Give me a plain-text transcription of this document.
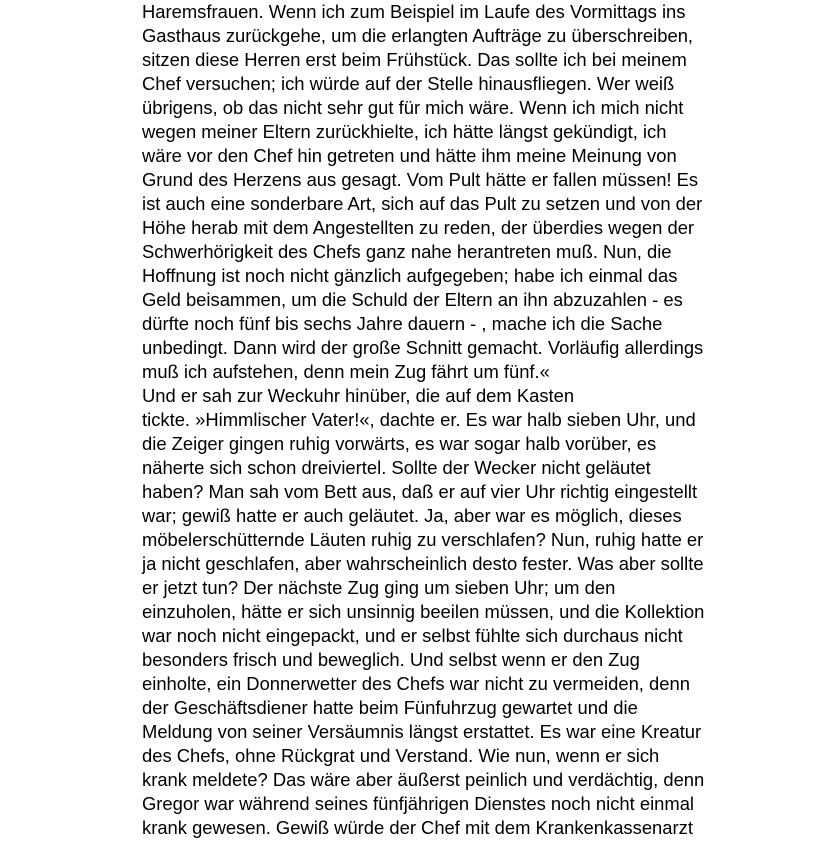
Haremsfrauen. Wenn ich zum Beispiel im Laufe des Vormittags ins
Gasthaus zurückgehe, um die erlangten Aufträge zu überschreiben,
sitzen diese Herren erst beim Frühstück. Das sollte ich bei meinem
Chef versuchen; ich würde auf der Stelle hinausfliegen. Wer weiß
übrigens, ob das nicht sehr gut für mich wäre. Wenn ich mich nicht
wegen meiner Eltern zurückhielte, ich hätte längst gekündigt, ich
wäre vor den Chef hin getreten und hätte ihm meine Meinung von
Grund des Herzens aus gesagt. Vom Pult hätte er fallen müssen! Es
ist auch eine sonderbare Art, sich auf das Pult zu setzen und von der
Höhe herab mit dem Angestellten zu reden, der überdies wegen der
Schwerhörigkeit des Chefs ganz nahe herantreten muß. Nun, die
Hoffnung ist noch nicht gänzlich aufgegeben; habe ich einmal das
Geld beisammen, um die Schuld der Eltern an ihn abzuzahlen - es
dürfte noch fünf bis sechs Jahre dauern - , mache ich die Sache
unbedingt. Dann wird der große Schnitt gemacht. Vorläufig allerdings
muß ich aufstehen, denn mein Zug fährt um fünf.«
Und er sah zur Weckuhr hinüber, die auf dem Kasten
tickte. »Himmlischer Vater!«, dachte er. Es war halb sieben Uhr, und
die Zeiger gingen ruhig vorwärts, es war sogar halb vorüber, es
näherte sich schon dreiviertel. Sollte der Wecker nicht geläutet
haben? Man sah vom Bett aus, daß er auf vier Uhr richtig eingestellt
war; gewiß hatte er auch geläutet. Ja, aber war es möglich, dieses
möbelerschütternde Läuten ruhig zu verschlafen? Nun, ruhig hatte er
ja nicht geschlafen, aber wahrscheinlich desto fester. Was aber sollte
er jetzt tun? Der nächste Zug ging um sieben Uhr; um den
einzuholen, hätte er sich unsinnig beeilen müssen, und die Kollektion
war noch nicht eingepackt, und er selbst fühlte sich durchaus nicht
besonders frisch und beweglich. Und selbst wenn er den Zug
einholte, ein Donnerwetter des Chefs war nicht zu vermeiden, denn
der Geschäftsdiener hatte beim Fünfuhrzug gewartet und die
Meldung von seiner Versäumnis längst erstattet. Es war eine Kreatur
des Chefs, ohne Rückgrat und Verstand. Wie nun, wenn er sich
krank meldete? Das wäre aber äußerst peinlich und verdächtig, denn
Gregor war während seines fünfjährigen Dienstes noch nicht einmal
krank gewesen. Gewiß würde der Chef mit dem Krankenkassenarzt
